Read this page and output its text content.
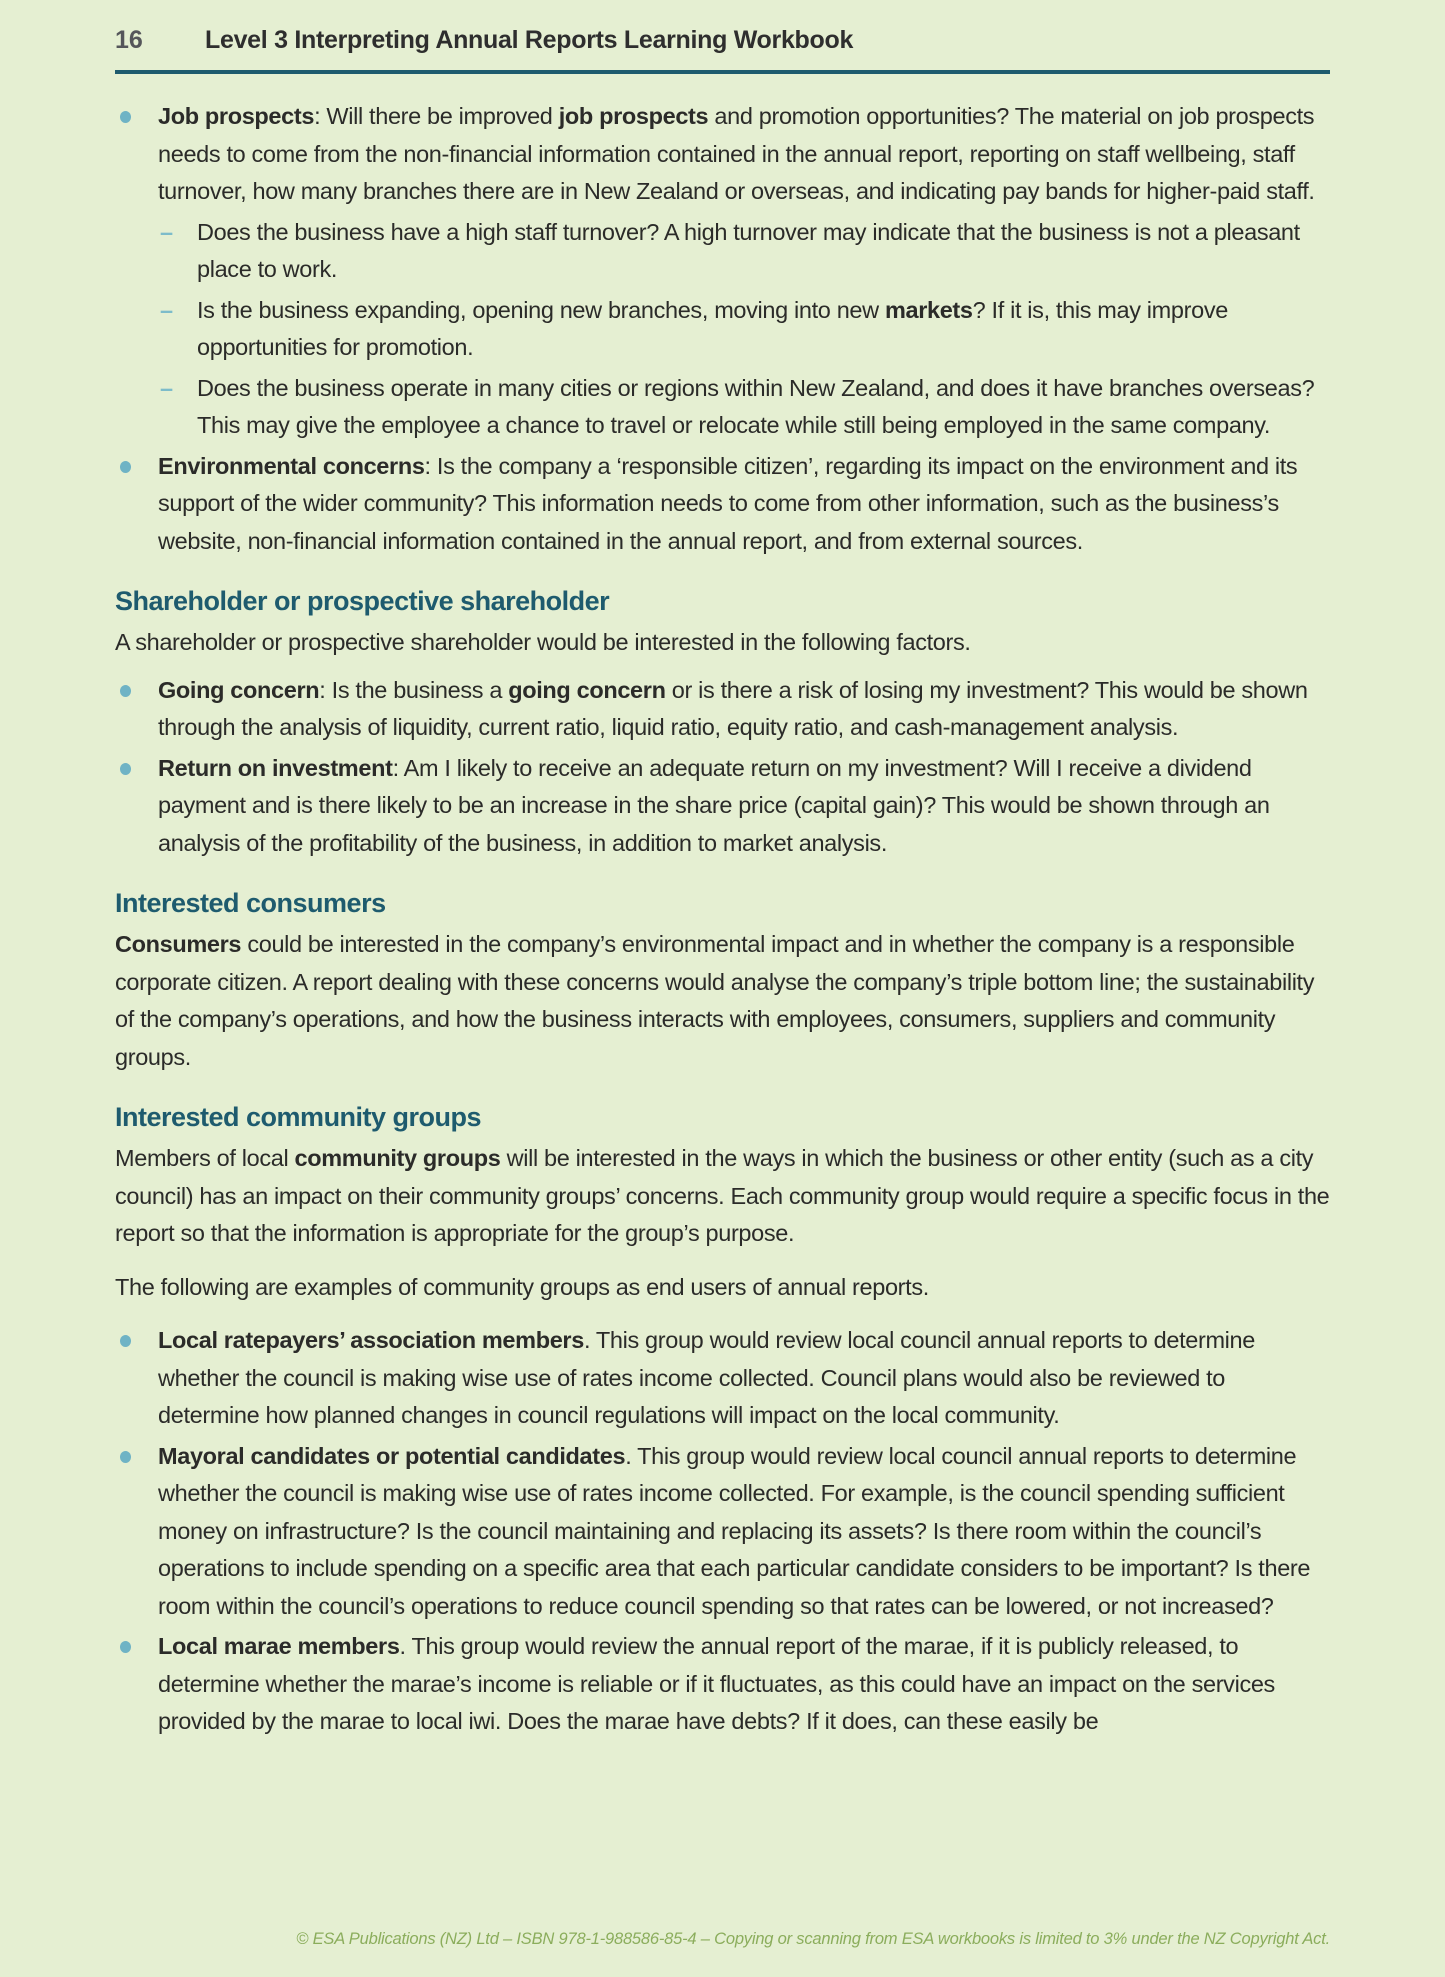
16	Level 3 Interpreting Annual Reports Learning Workbook
Job prospects: Will there be improved job prospects and promotion opportunities? The material on job prospects needs to come from the non-financial information contained in the annual report, reporting on staff wellbeing, staff turnover, how many branches there are in New Zealand or overseas, and indicating pay bands for higher-paid staff.
– Does the business have a high staff turnover? A high turnover may indicate that the business is not a pleasant place to work.
– Is the business expanding, opening new branches, moving into new markets? If it is, this may improve opportunities for promotion.
– Does the business operate in many cities or regions within New Zealand, and does it have branches overseas? This may give the employee a chance to travel or relocate while still being employed in the same company.
Environmental concerns: Is the company a ‘responsible citizen’, regarding its impact on the environment and its support of the wider community? This information needs to come from other information, such as the business’s website, non-financial information contained in the annual report, and from external sources.
Shareholder or prospective shareholder
A shareholder or prospective shareholder would be interested in the following factors.
Going concern: Is the business a going concern or is there a risk of losing my investment? This would be shown through the analysis of liquidity, current ratio, liquid ratio, equity ratio, and cash-management analysis.
Return on investment: Am I likely to receive an adequate return on my investment? Will I receive a dividend payment and is there likely to be an increase in the share price (capital gain)? This would be shown through an analysis of the profitability of the business, in addition to market analysis.
Interested consumers
Consumers could be interested in the company’s environmental impact and in whether the company is a responsible corporate citizen. A report dealing with these concerns would analyse the company’s triple bottom line; the sustainability of the company’s operations, and how the business interacts with employees, consumers, suppliers and community groups.
Interested community groups
Members of local community groups will be interested in the ways in which the business or other entity (such as a city council) has an impact on their community groups’ concerns. Each community group would require a specific focus in the report so that the information is appropriate for the group’s purpose.
The following are examples of community groups as end users of annual reports.
Local ratepayers’ association members. This group would review local council annual reports to determine whether the council is making wise use of rates income collected. Council plans would also be reviewed to determine how planned changes in council regulations will impact on the local community.
Mayoral candidates or potential candidates. This group would review local council annual reports to determine whether the council is making wise use of rates income collected. For example, is the council spending sufficient money on infrastructure? Is the council maintaining and replacing its assets? Is there room within the council’s operations to include spending on a specific area that each particular candidate considers to be important? Is there room within the council’s operations to reduce council spending so that rates can be lowered, or not increased?
Local marae members. This group would review the annual report of the marae, if it is publicly released, to determine whether the marae’s income is reliable or if it fluctuates, as this could have an impact on the services provided by the marae to local iwi. Does the marae have debts? If it does, can these easily be
© ESA Publications (NZ) Ltd – ISBN 978-1-988586-85-4 – Copying or scanning from ESA workbooks is limited to 3% under the NZ Copyright Act.
